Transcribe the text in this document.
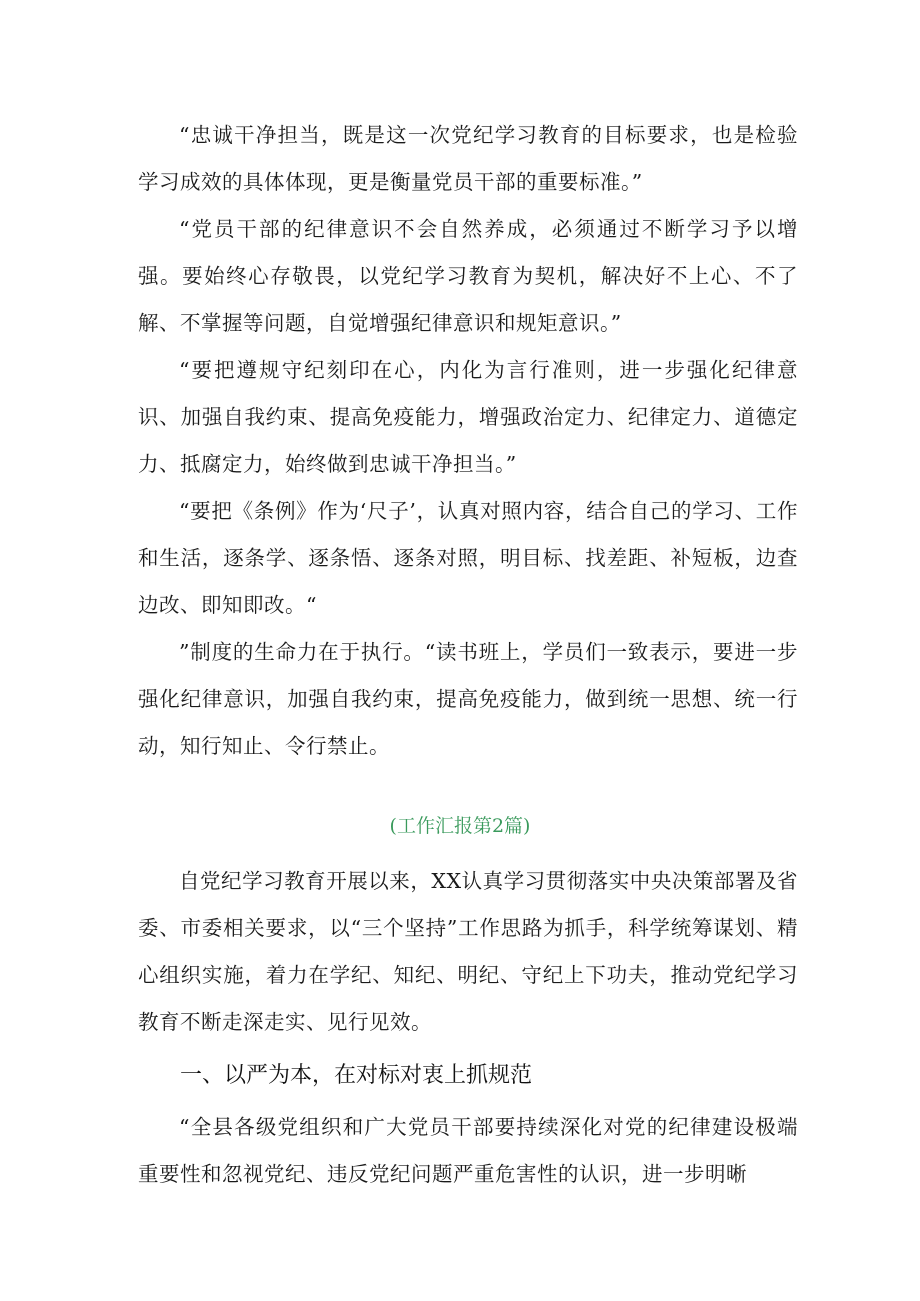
“忠诚干净担当，既是这一次党纪学习教育的目标要求，也是检验学习成效的具体体现，更是衡量党员干部的重要标准。”

“党员干部的纪律意识不会自然养成，必须通过不断学习予以增强。要始终心存敬畏，以党纪学习教育为契机，解决好不上心、不了解、不掌握等问题，自觉增强纪律意识和规矩意识。”

“要把遵规守纪刻印在心，内化为言行准则，进一步强化纪律意识、加强自我约束、提高免疫能力，增强政治定力、纪律定力、道德定力、抵腐定力，始终做到忠诚干净担当。”

“要把《条例》作为‘尺子’，认真对照内容，结合自己的学习、工作和生活，逐条学、逐条悟、逐条对照，明目标、找差距、补短板，边查边改、即知即改。“

”制度的生命力在于执行。“读书班上，学员们一致表示，要进一步强化纪律意识，加强自我约束，提高免疫能力，做到统一思想、统一行动，知行知止、令行禁止。

(工作汇报第2篇)

自党纪学习教育开展以来，XX认真学习贯彻落实中央决策部署及省委、市委相关要求，以“三个坚持”工作思路为抓手，科学统筹谋划、精心组织实施，着力在学纪、知纪、明纪、守纪上下功夫，推动党纪学习教育不断走深走实、见行见效。

一、以严为本，在对标对衷上抓规范

“全县各级党组织和广大党员干部要持续深化对党的纪律建设极端重要性和忽视党纪、违反党纪问题严重危害性的认识，进一步明晰
